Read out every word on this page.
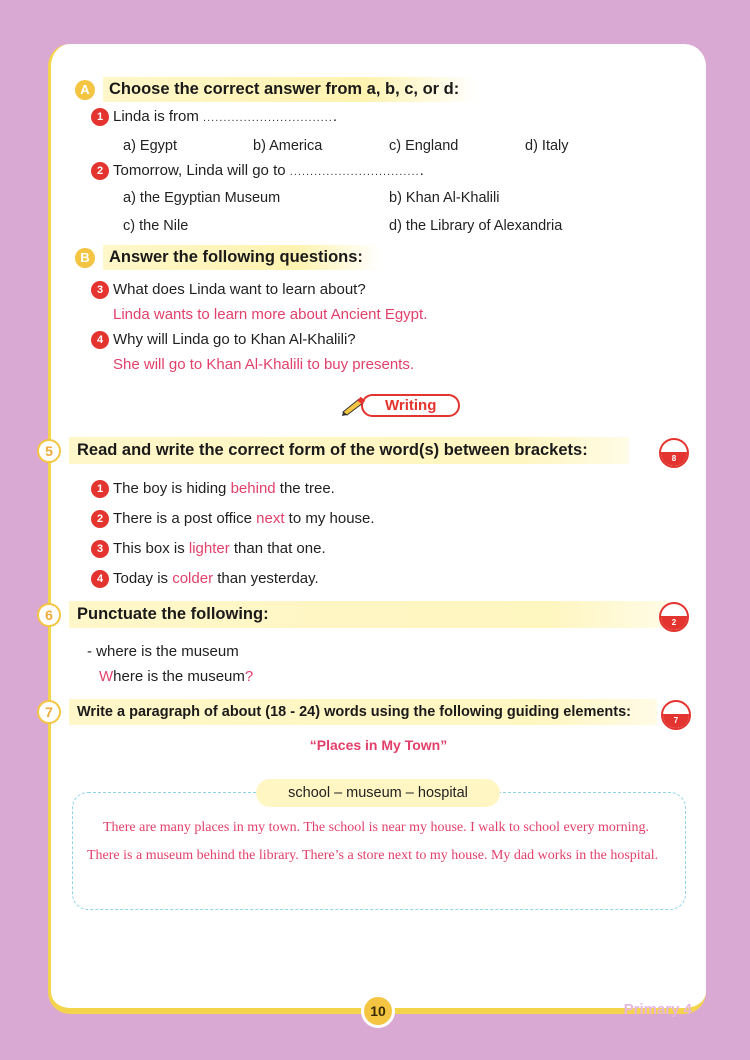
A	Choose the correct answer from a, b, c, or d:
1 Linda is from .................................
a) Egypt	b) America	c) England	d) Italy
2 Tomorrow, Linda will go to .................................
a) the Egyptian Museum	b) Khan Al-Khalili
c) the Nile	d) the Library of Alexandria
B	Answer the following questions:
3 What does Linda want to learn about?
Linda wants to learn more about Ancient Egypt.
4 Why will Linda go to Khan Al-Khalili?
She will go to Khan Al-Khalili to buy presents.
Writing
5	Read and write the correct form of the word(s) between brackets:	8
1 The boy is hiding behind the tree.
2 There is a post office next to my house.
3 This box is lighter than that one.
4 Today is colder than yesterday.
6	Punctuate the following:	2
- where is the museum
Where is the museum?
7	Write a paragraph of about (18 - 24) words using the following guiding elements:
7
“Places in My Town”
school – museum – hospital
There are many places in my town. The school is near my house. I walk to school every morning. There is a museum behind the library. There’s a store next to my house. My dad works in the hospital.
10	Primary 4
